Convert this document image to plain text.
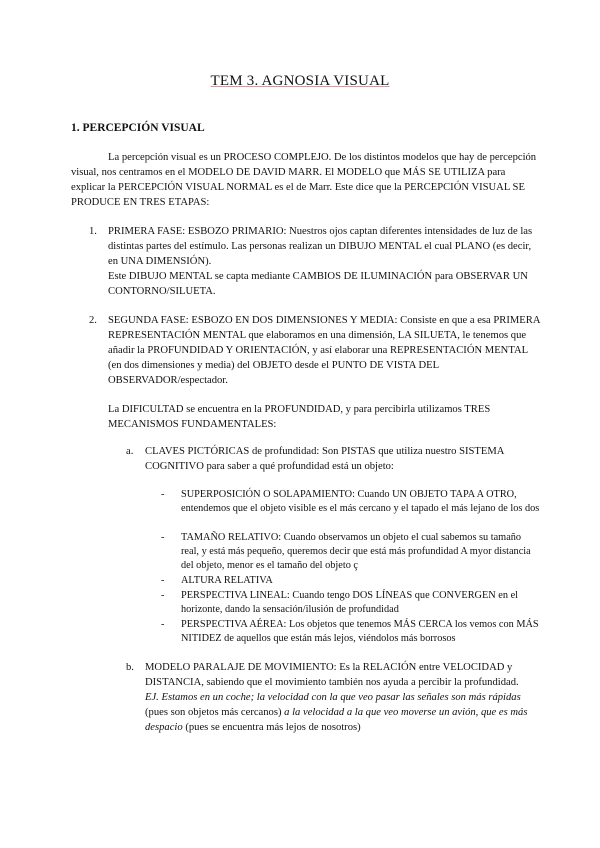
TEM 3. AGNOSIA VISUAL
1. PERCEPCIÓN VISUAL
La percepción visual es un PROCESO COMPLEJO. De los distintos modelos que hay de percepción visual, nos centramos en el MODELO DE DAVID MARR. El MODELO que MÁS SE UTILIZA para explicar la PERCEPCIÓN VISUAL NORMAL es el de Marr. Este dice que la PERCEPCIÓN VISUAL SE PRODUCE EN TRES ETAPAS:
1. PRIMERA FASE: ESBOZO PRIMARIO: Nuestros ojos captan diferentes intensidades de luz de las distintas partes del estímulo. Las personas realizan un DIBUJO MENTAL el cual PLANO (es decir, en UNA DIMENSIÓN).
Este DIBUJO MENTAL se capta mediante CAMBIOS DE ILUMINACIÓN para OBSERVAR UN CONTORNO/SILUETA.
2. SEGUNDA FASE: ESBOZO EN DOS DIMENSIONES Y MEDIA: Consiste en que a esa PRIMERA REPRESENTACIÓN MENTAL que elaboramos en una dimensión, LA SILUETA, le tenemos que añadir la PROFUNDIDAD Y ORIENTACIÓN, y así elaborar una REPRESENTACIÓN MENTAL (en dos dimensiones y media) del OBJETO desde el PUNTO DE VISTA DEL OBSERVADOR/espectador.
La DIFICULTAD se encuentra en la PROFUNDIDAD, y para percibirla utilizamos TRES MECANISMOS FUNDAMENTALES:
a. CLAVES PICTÓRICAS de profundidad: Son PISTAS que utiliza nuestro SISTEMA COGNITIVO para saber a qué profundidad está un objeto:
- SUPERPOSICIÓN O SOLAPAMIENTO: Cuando UN OBJETO TAPA A OTRO, entendemos que el objeto visible es el más cercano y el tapado el más lejano de los dos
- TAMAÑO RELATIVO: Cuando observamos un objeto el cual sabemos su tamaño real, y está más pequeño, queremos decir que está más profundidad A myor distancia del objeto, menor es el tamaño del objeto ç
- ALTURA RELATIVA
- PERSPECTIVA LINEAL: Cuando tengo DOS LÍNEAS que CONVERGEN en el horizonte, dando la sensación/ilusión de profundidad
- PERSPECTIVA AÉREA: Los objetos que tenemos MÁS CERCA los vemos con MÁS NITIDEZ de aquellos que están más lejos, viéndolos más borrosos
b. MODELO PARALAJE DE MOVIMIENTO: Es la RELACIÓN entre VELOCIDAD y DISTANCIA, sabiendo que el movimiento también nos ayuda a percibir la profundidad.
EJ. Estamos en un coche; la velocidad con la que veo pasar las señales son más rápidas (pues son objetos más cercanos) a la velocidad a la que veo moverse un avión, que es más despacio (pues se encuentra más lejos de nosotros)
